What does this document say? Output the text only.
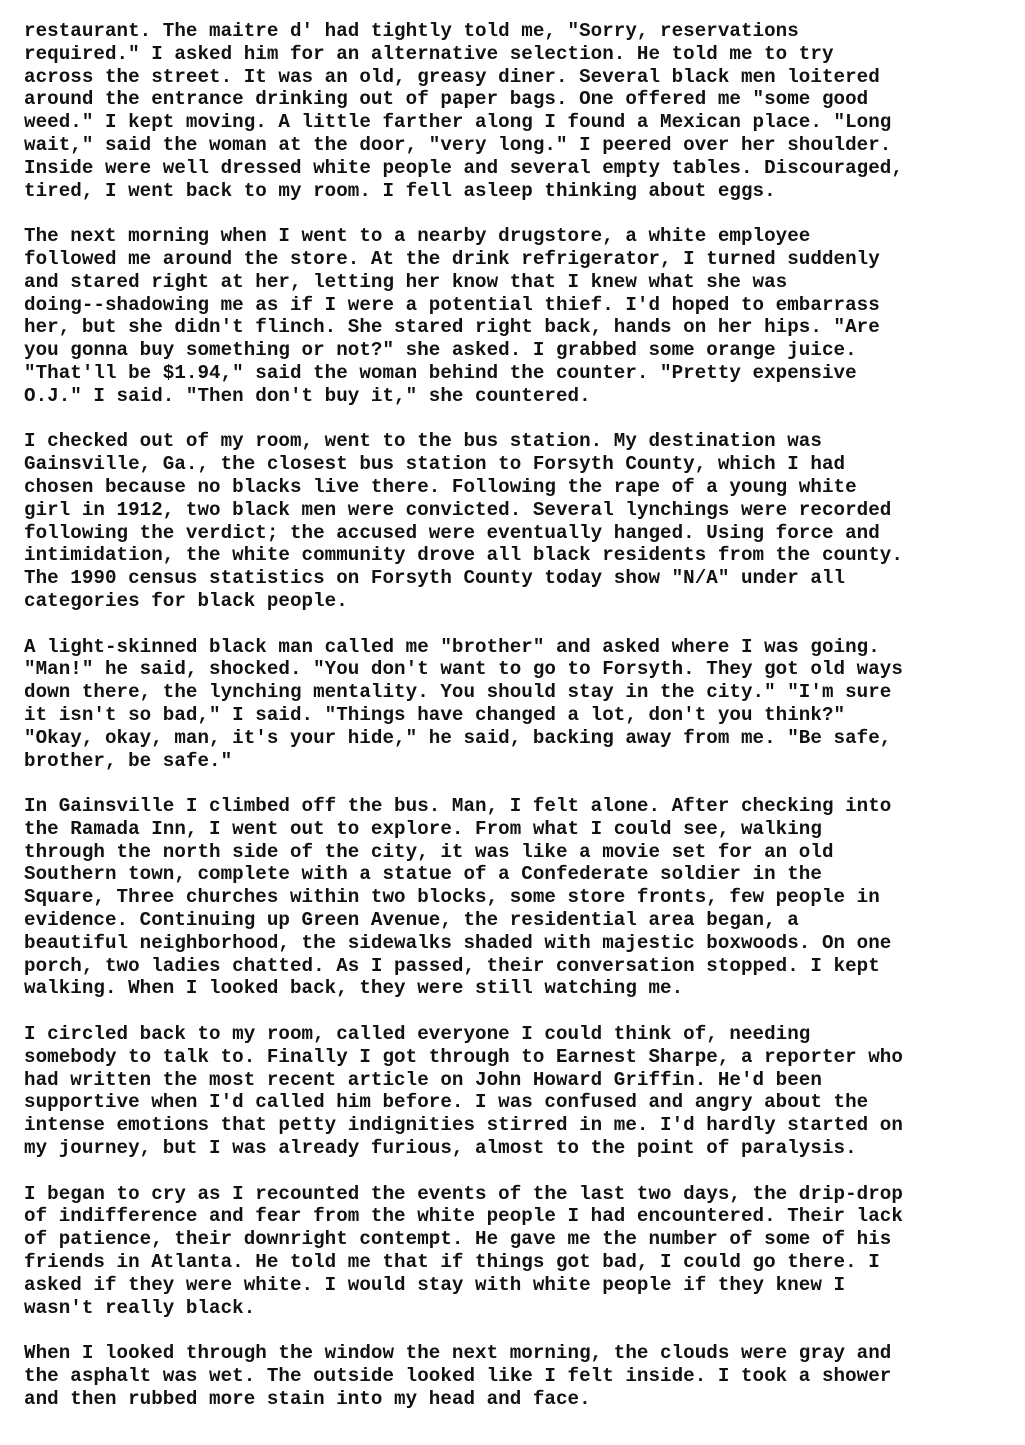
restaurant. The maitre d' had tightly told me, "Sorry, reservations
required." I asked him for an alternative selection. He told me to try
across the street. It was an old, greasy diner. Several black men loitered
around the entrance drinking out of paper bags. One offered me "some good
weed." I kept moving. A little farther along I found a Mexican place. "Long
wait," said the woman at the door, "very long." I peered over her shoulder.
Inside were well dressed white people and several empty tables. Discouraged,
tired, I went back to my room. I fell asleep thinking about eggs.
The next morning when I went to a nearby drugstore, a white employee
followed me around the store. At the drink refrigerator, I turned suddenly
and stared right at her, letting her know that I knew what she was
doing--shadowing me as if I were a potential thief. I'd hoped to embarrass
her, but she didn't flinch. She stared right back, hands on her hips. "Are
you gonna buy something or not?" she asked. I grabbed some orange juice.
"That'll be $1.94," said the woman behind the counter. "Pretty expensive
O.J." I said. "Then don't buy it," she countered.
I checked out of my room, went to the bus station. My destination was
Gainsville, Ga., the closest bus station to Forsyth County, which I had
chosen because no blacks live there. Following the rape of a young white
girl in 1912, two black men were convicted. Several lynchings were recorded
following the verdict; the accused were eventually hanged. Using force and
intimidation, the white community drove all black residents from the county.
The 1990 census statistics on Forsyth County today show "N/A" under all
categories for black people.
A light-skinned black man called me "brother" and asked where I was going.
"Man!" he said, shocked. "You don't want to go to Forsyth. They got old ways
down there, the lynching mentality. You should stay in the city." "I'm sure
it isn't so bad," I said. "Things have changed a lot, don't you think?"
"Okay, okay, man, it's your hide," he said, backing away from me. "Be safe,
brother, be safe."
In Gainsville I climbed off the bus. Man, I felt alone. After checking into
the Ramada Inn, I went out to explore. From what I could see, walking
through the north side of the city, it was like a movie set for an old
Southern town, complete with a statue of a Confederate soldier in the
Square, Three churches within two blocks, some store fronts, few people in
evidence. Continuing up Green Avenue, the residential area began, a
beautiful neighborhood, the sidewalks shaded with majestic boxwoods. On one
porch, two ladies chatted. As I passed, their conversation stopped. I kept
walking. When I looked back, they were still watching me.
I circled back to my room, called everyone I could think of, needing
somebody to talk to. Finally I got through to Earnest Sharpe, a reporter who
had written the most recent article on John Howard Griffin. He'd been
supportive when I'd called him before. I was confused and angry about the
intense emotions that petty indignities stirred in me. I'd hardly started on
my journey, but I was already furious, almost to the point of paralysis.
I began to cry as I recounted the events of the last two days, the drip-drop
of indifference and fear from the white people I had encountered. Their lack
of patience, their downright contempt. He gave me the number of some of his
friends in Atlanta. He told me that if things got bad, I could go there. I
asked if they were white. I would stay with white people if they knew I
wasn't really black.
When I looked through the window the next morning, the clouds were gray and
the asphalt was wet. The outside looked like I felt inside. I took a shower
and then rubbed more stain into my head and face.
